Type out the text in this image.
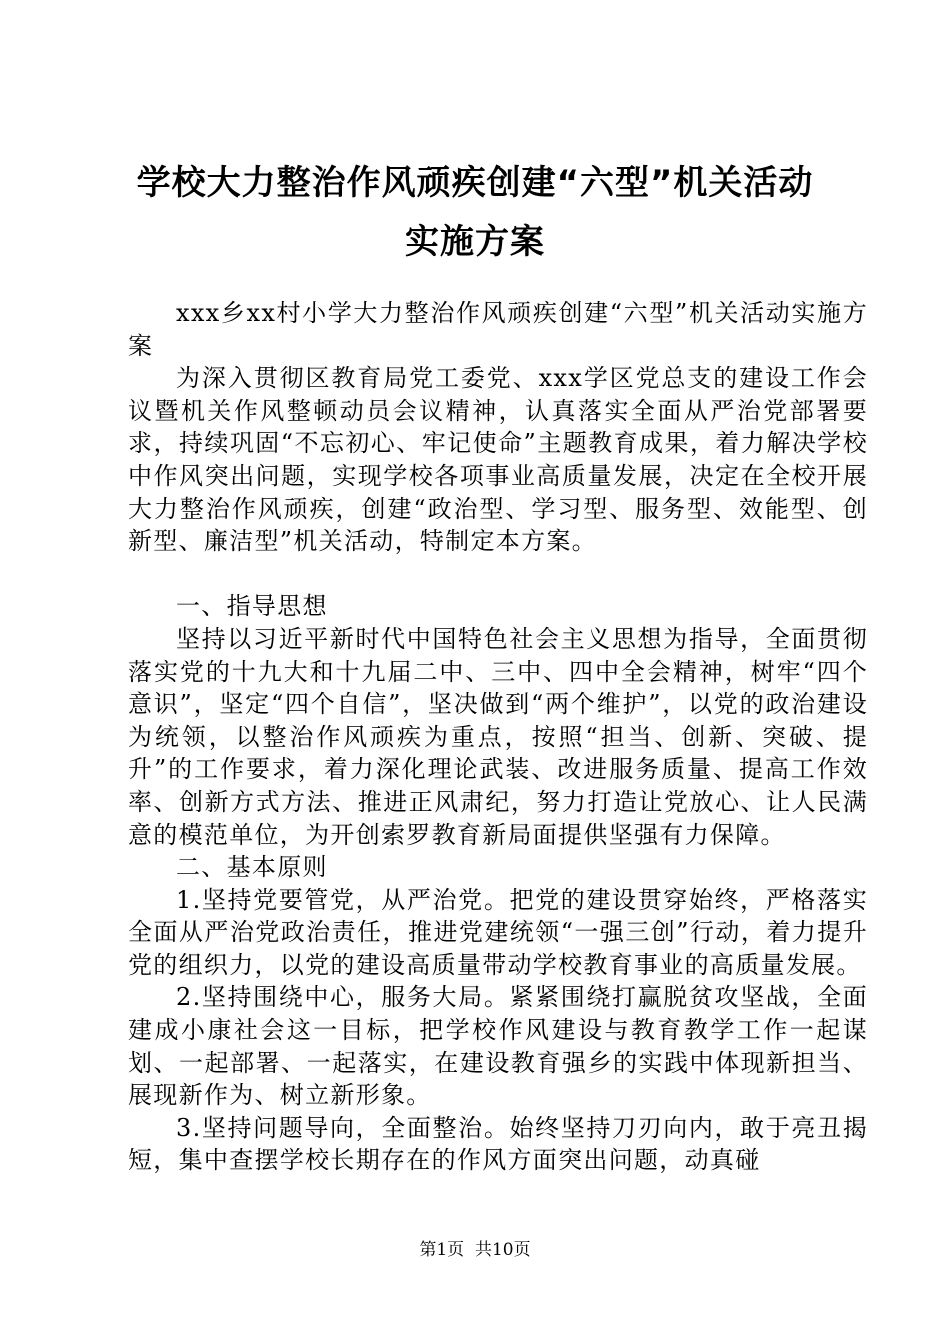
学校大力整治作风顽疾创建“六型”机关活动
实施方案

xxx乡xx村小学大力整治作风顽疾创建“六型”机关活动实施方案

为深入贯彻区教育局党工委党、xxx学区党总支的建设工作会议暨机关作风整顿动员会议精神，认真落实全面从严治党部署要求，持续巩固“不忘初心、牢记使命”主题教育成果，着力解决学校中作风突出问题，实现学校各项事业高质量发展，决定在全校开展大力整治作风顽疾，创建“政治型、学习型、服务型、效能型、创新型、廉洁型”机关活动，特制定本方案。

一、指导思想

坚持以习近平新时代中国特色社会主义思想为指导，全面贯彻落实党的十九大和十九届二中、三中、四中全会精神，树牢“四个意识”，坚定“四个自信”，坚决做到“两个维护”，以党的政治建设为统领，以整治作风顽疾为重点，按照“担当、创新、突破、提升”的工作要求，着力深化理论武装、改进服务质量、提高工作效率、创新方式方法、推进正风肃纪，努力打造让党放心、让人民满意的模范单位，为开创索罗教育新局面提供坚强有力保障。

二、基本原则

1.坚持党要管党，从严治党。把党的建设贯穿始终，严格落实全面从严治党政治责任，推进党建统领“一强三创”行动，着力提升党的组织力，以党的建设高质量带动学校教育事业的高质量发展。

2.坚持围绕中心，服务大局。紧紧围绕打赢脱贫攻坚战，全面建成小康社会这一目标，把学校作风建设与教育教学工作一起谋划、一起部署、一起落实，在建设教育强乡的实践中体现新担当、展现新作为、树立新形象。

3.坚持问题导向，全面整治。始终坚持刀刃向内，敢于亮丑揭短，集中查摆学校长期存在的作风方面突出问题，动真碰

第1页  共10页
